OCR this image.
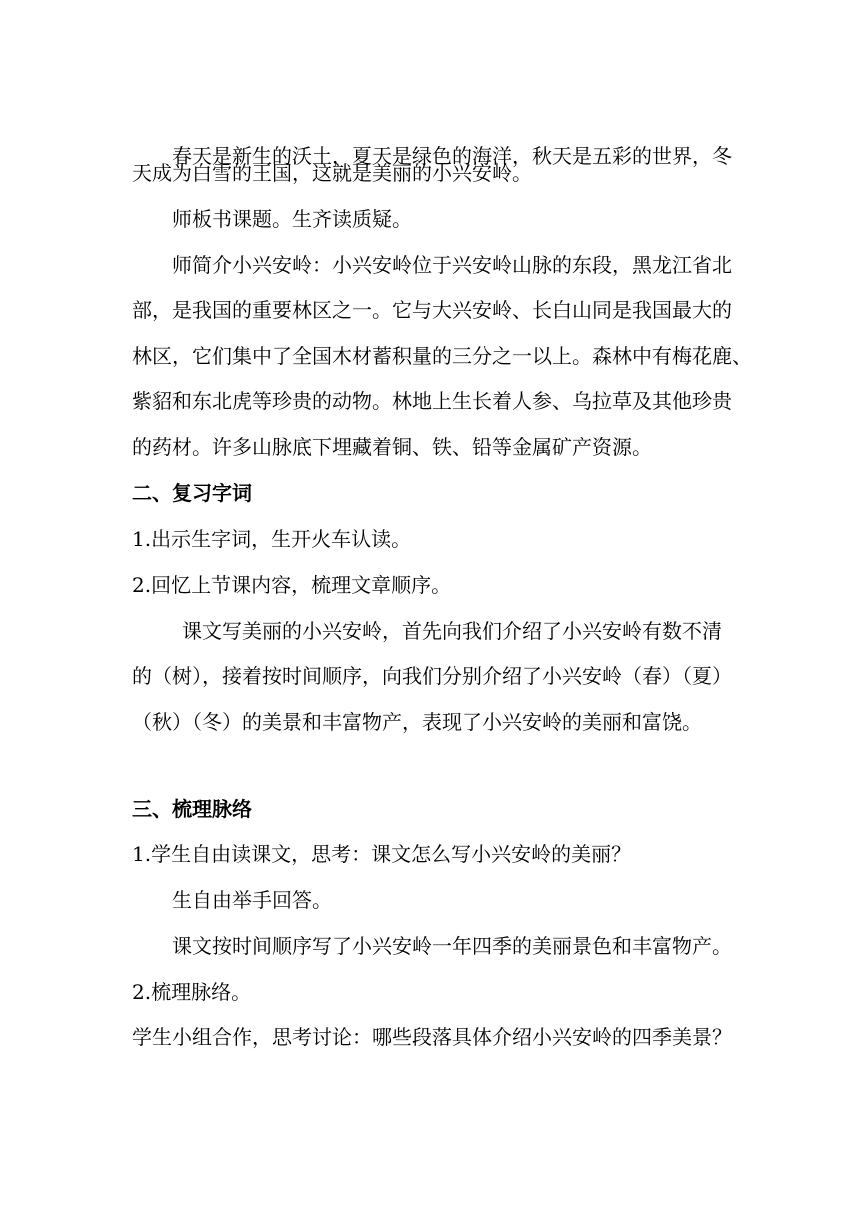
春天是新生的沃土，夏天是绿色的海洋，秋天是五彩的世界，冬
天成为白雪的王国，这就是美丽的小兴安岭。
师板书课题。生齐读质疑。
师简介小兴安岭：小兴安岭位于兴安岭山脉的东段，黑龙江省北
部，是我国的重要林区之一。它与大兴安岭、长白山同是我国最大的
林区，它们集中了全国木材蓄积量的三分之一以上。森林中有梅花鹿、
紫貂和东北虎等珍贵的动物。林地上生长着人参、乌拉草及其他珍贵
的药材。许多山脉底下埋藏着铜、铁、铅等金属矿产资源。
二、复习字词
1.出示生字词，生开火车认读。
2.回忆上节课内容，梳理文章顺序。
课文写美丽的小兴安岭，首先向我们介绍了小兴安岭有数不清
的（树），接着按时间顺序，向我们分别介绍了小兴安岭（春）（夏）
（秋）（冬）的美景和丰富物产，表现了小兴安岭的美丽和富饶。
三、梳理脉络
1.学生自由读课文，思考：课文怎么写小兴安岭的美丽？
生自由举手回答。
课文按时间顺序写了小兴安岭一年四季的美丽景色和丰富物产。
2.梳理脉络。
学生小组合作，思考讨论：哪些段落具体介绍小兴安岭的四季美景？
